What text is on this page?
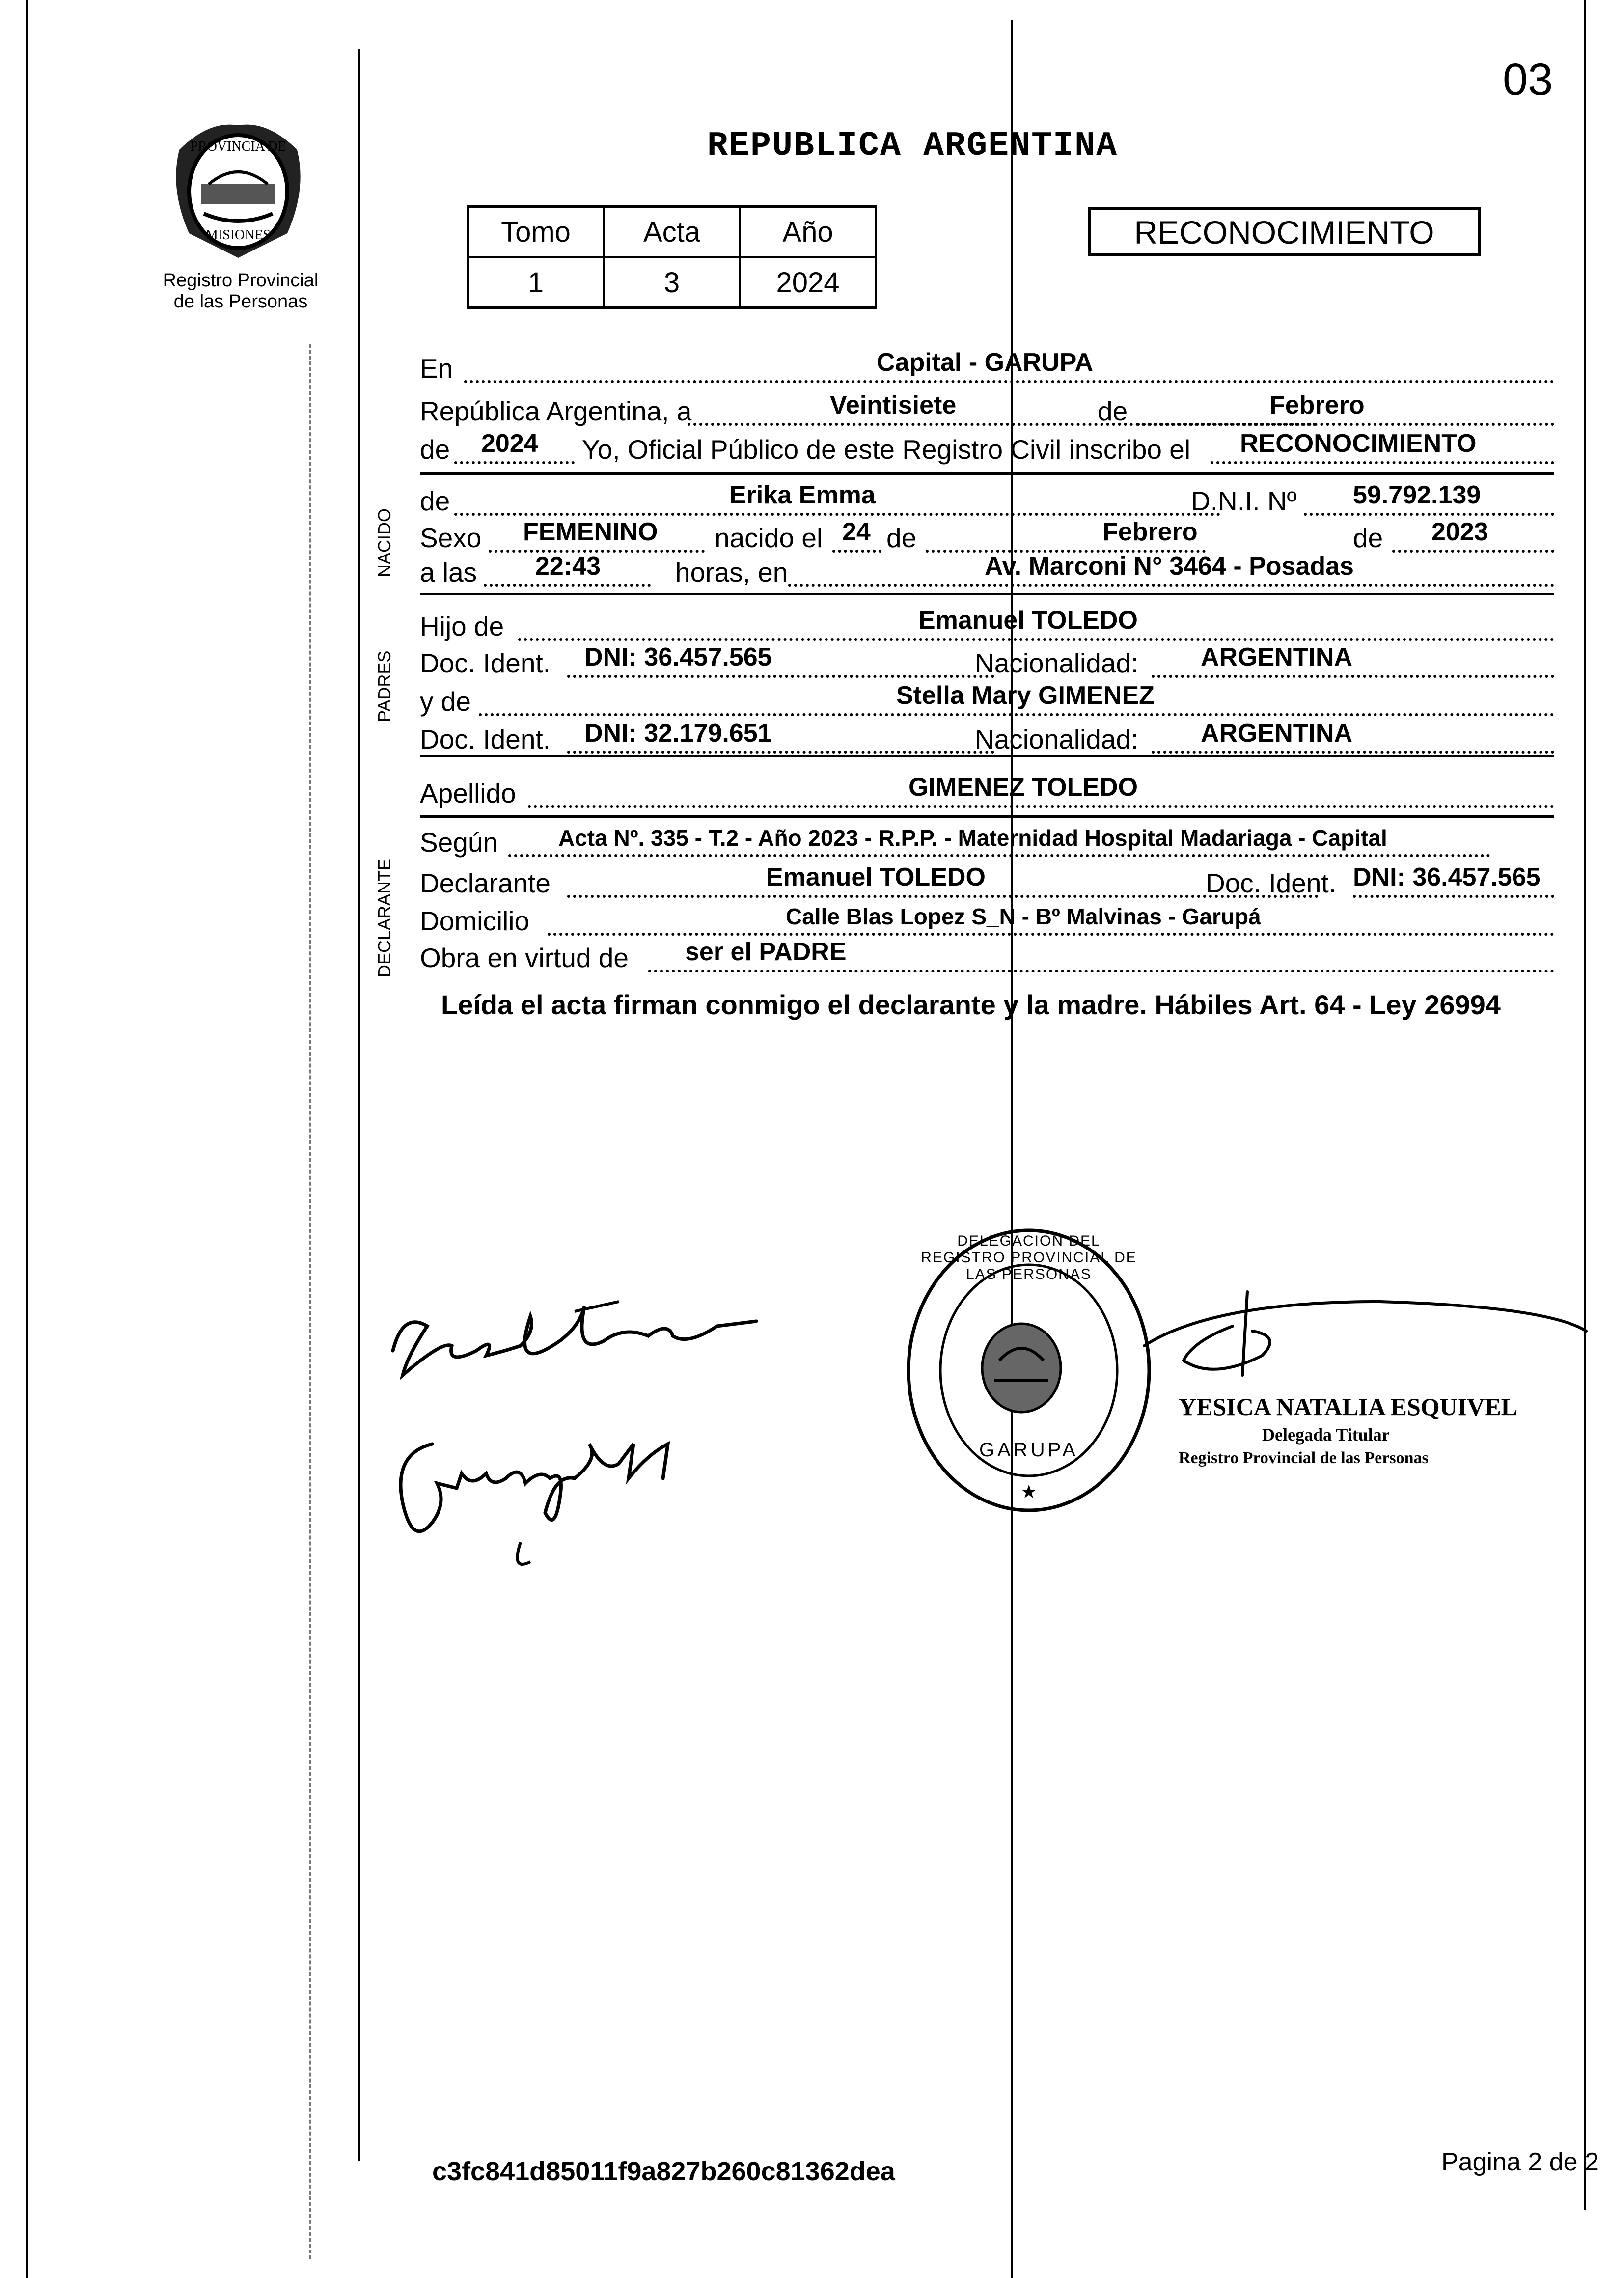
03
PROVINCIA DE
MISIONES
Registro Provincial
de las Personas
REPUBLICA ARGENTINA
Tomo	Acta	Año
1	3	2024
RECONOCIMIENTO
NACIDO
PADRES
DECLARANTE
En	Capital - GARUPA
República Argentina, a	Veintisiete	de	Febrero
de 2024 Yo, Oficial Público de este Registro Civil inscribo el RECONOCIMIENTO
de	Erika Emma	D.N.I. Nº 59.792.139
Sexo FEMENINO nacido el 24 de	Febrero	de 2023
a las 22:43	horas, en	Av. Marconi N° 3464 - Posadas
Hijo de	Emanuel TOLEDO
Doc. Ident. DNI: 36.457.565	Nacionalidad: ARGENTINA
y de	Stella Mary GIMENEZ
Doc. Ident. DNI: 32.179.651	Nacionalidad: ARGENTINA
Apellido	GIMENEZ TOLEDO
Según	Acta Nº. 335 - T.2 - Año 2023 - R.P.P. - Maternidad Hospital Madariaga - Capital
Declarante	Emanuel TOLEDO	Doc. Ident. DNI: 36.457.565
Domicilio	Calle Blas Lopez S_N - Bº Malvinas - Garupá
Obra en virtud de ser el PADRE
Leída el acta firman conmigo el declarante y la madre. Hábiles Art. 64 - Ley 26994
★
DELEGACION DEL REGISTRO PROVINCIAL DE LAS PERSONAS
GARUPA
YESICA NATALIA ESQUIVEL
Delegada Titular
Registro Provincial de las Personas
c3fc841d85011f9a827b260c81362dea	Pagina 2 de 2
